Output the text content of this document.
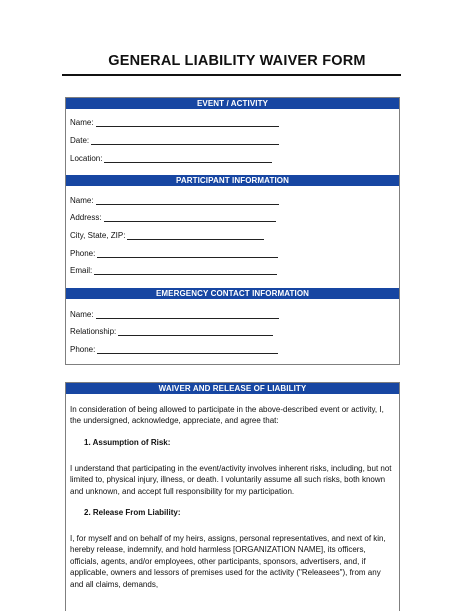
GENERAL LIABILITY WAIVER FORM
EVENT / ACTIVITY
Name:
Date:
Location:
PARTICIPANT INFORMATION
Name:
Address:
City, State, ZIP:
Phone:
Email:
EMERGENCY CONTACT INFORMATION
Name:
Relationship:
Phone:
WAIVER AND RELEASE OF LIABILITY
In consideration of being allowed to participate in the above-described event or activity, I, the undersigned, acknowledge, appreciate, and agree that:
1. Assumption of Risk:
I understand that participating in the event/activity involves inherent risks, including, but not limited to, physical injury, illness, or death. I voluntarily assume all such risks, both known and unknown, and accept full responsibility for my participation.
2. Release From Liability:
I, for myself and on behalf of my heirs, assigns, personal representatives, and next of kin, hereby release, indemnify, and hold harmless [ORGANIZATION NAME], its officers, officials, agents, and/or employees, other participants, sponsors, advertisers, and, if applicable, owners and lessors of premises used for the activity ("Releasees"), from any and all claims, demands,
